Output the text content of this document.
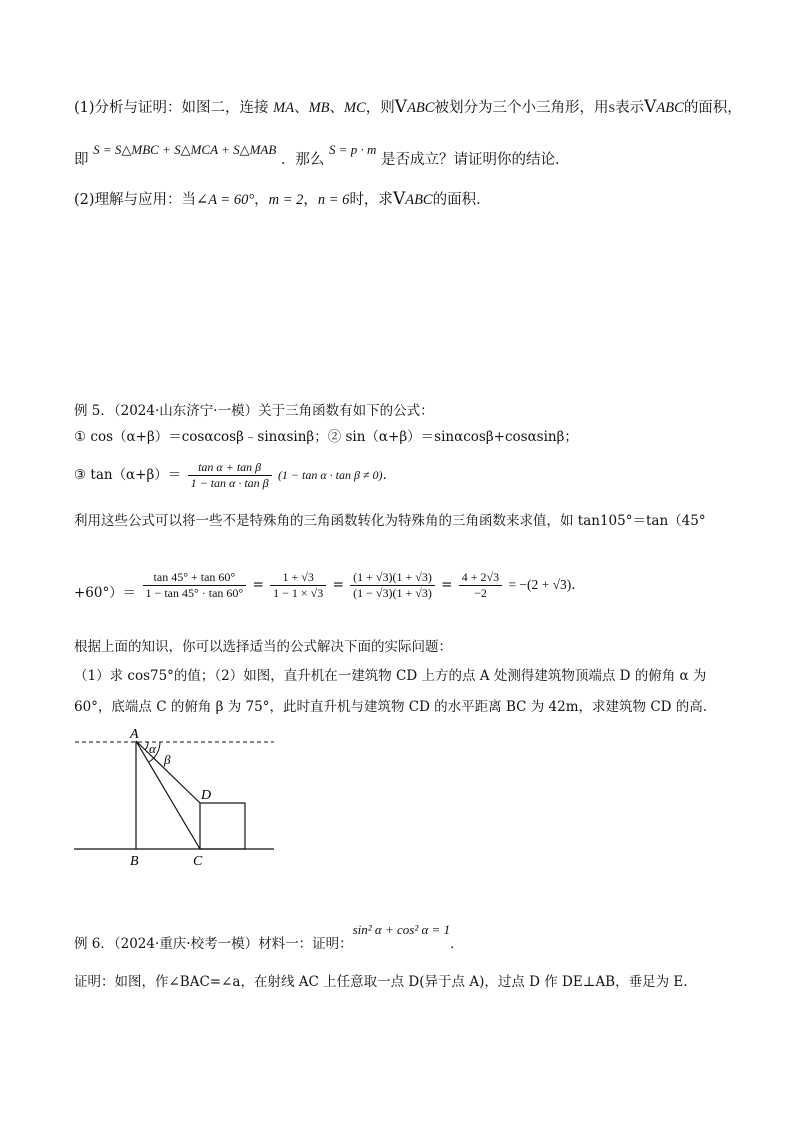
(1)分析与证明：如图二，连接 MA、MB、MC，则VABC被划分为三个小三角形，用S表示VABC的面积，
即 S = S△MBC + S△MCA + S△MAB ．那么 S = p · m 是否成立？请证明你的结论．
(2)理解与应用：当∠A = 60°，m = 2，n = 6时，求VABC的面积．
例 5．（2024·山东济宁·一模）关于三角函数有如下的公式：
① cos（α+β）＝cosαcosβ﹣sinαsinβ；② sin（α+β）＝sinαcosβ+cosαsinβ；
③ $\tan(\alpha+\beta)= \frac{\text{tan α + tan β}}{\text{1 − tan α · tan β}} (1 - \tan \alpha \cdot \tan \beta \ne 0)$．
利用这些公式可以将一些不是特殊角的三角函数转化为特殊角的三角函数来求值，如 tan105°＝tan（45°
$+60^\circ)= \frac{\tan 45^\circ + \tan 60^\circ}{1 - \tan 45^\circ \cdot \tan 60^\circ} = \frac{1 + √3}{1 - 1 \times √3} = \frac{(1 + √3)(1 + √3)}{(1 - √3)(1 + √3)} = \frac{4 + 2√3}{-2} = -(2 + √3)$．
根据上面的知识，你可以选择适当的公式解决下面的实际问题：
（1）求 cos75°的值；（2）如图，直升机在一建筑物 CD 上方的点 A 处测得建筑物顶端点 D 的俯角 α 为
60°，底端点 C 的俯角 β 为 75°，此时直升机与建筑物 CD 的水平距离 BC 为 42m，求建筑物 CD 的高.
A
B	C
D
α
β
例 6．（2024·重庆·校考一模）材料一：证明：sin² α + cos² α = 1．
证明：如图，作∠BAC=∠a，在射线 AC 上任意取一点 D(异于点 A)，过点 D 作 DE⊥AB，垂足为 E.
